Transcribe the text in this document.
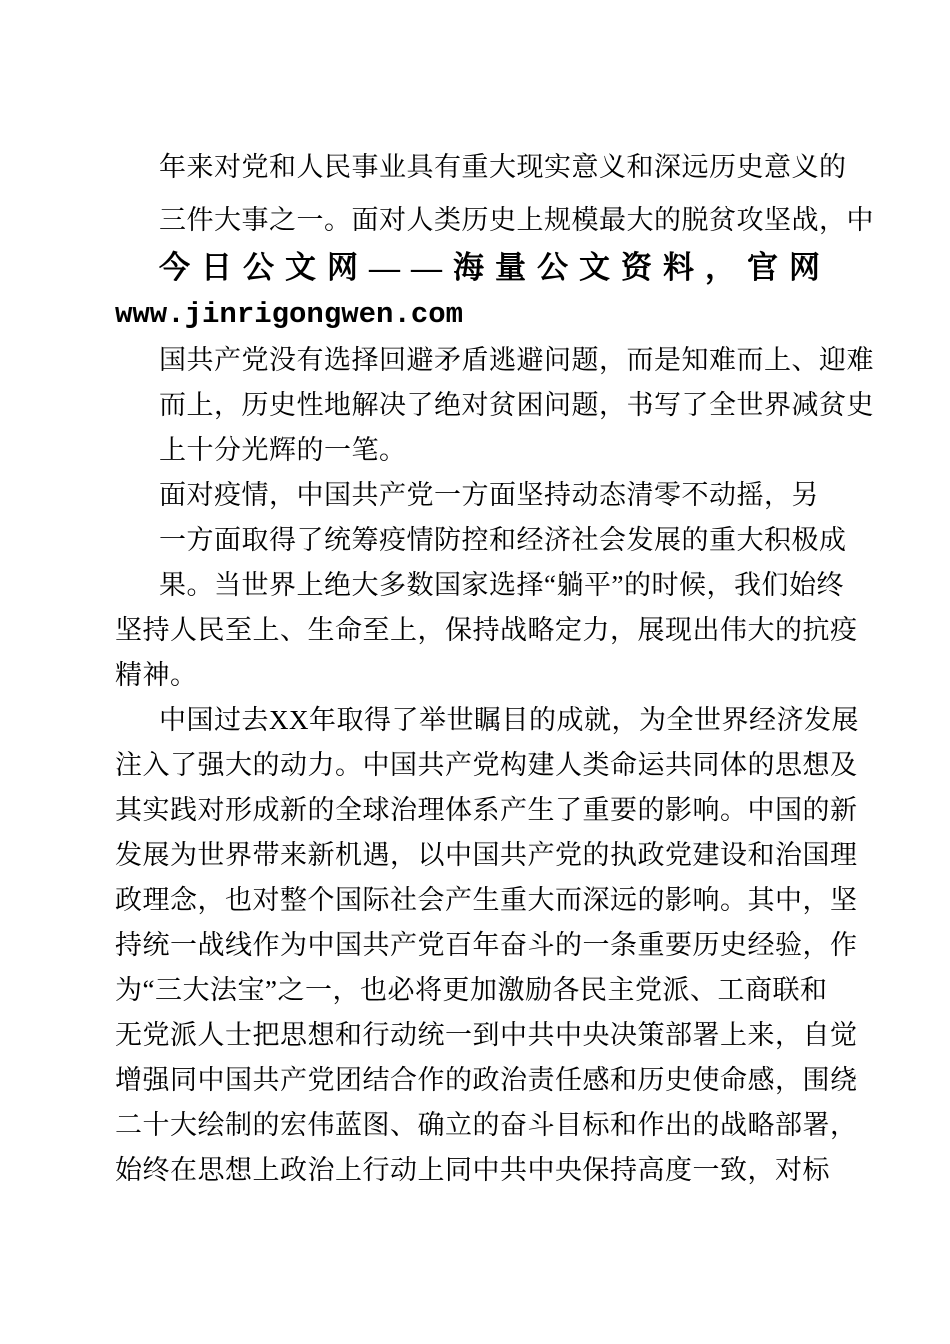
年来对党和人民事业具有重大现实意义和深远历史意义的
三件大事之一。面对人类历史上规模最大的脱贫攻坚战，中
今日公文网——海量公文资料，官网
www.jinrigongwen.com
国共产党没有选择回避矛盾逃避问题，而是知难而上、迎难
而上，历史性地解决了绝对贫困问题，书写了全世界减贫史
上十分光辉的一笔。
面对疫情，中国共产党一方面坚持动态清零不动摇，另
一方面取得了统筹疫情防控和经济社会发展的重大积极成
果。当世界上绝大多数国家选择“躺平”的时候，我们始终
坚持人民至上、生命至上，保持战略定力，展现出伟大的抗疫
精神。
中国过去XX年取得了举世瞩目的成就，为全世界经济发展
注入了强大的动力。中国共产党构建人类命运共同体的思想及
其实践对形成新的全球治理体系产生了重要的影响。中国的新
发展为世界带来新机遇，以中国共产党的执政党建设和治国理
政理念，也对整个国际社会产生重大而深远的影响。其中，坚
持统一战线作为中国共产党百年奋斗的一条重要历史经验，作
为“三大法宝”之一，也必将更加激励各民主党派、工商联和
无党派人士把思想和行动统一到中共中央决策部署上来，自觉
增强同中国共产党团结合作的政治责任感和历史使命感，围绕
二十大绘制的宏伟蓝图、确立的奋斗目标和作出的战略部署，
始终在思想上政治上行动上同中共中央保持高度一致，对标
